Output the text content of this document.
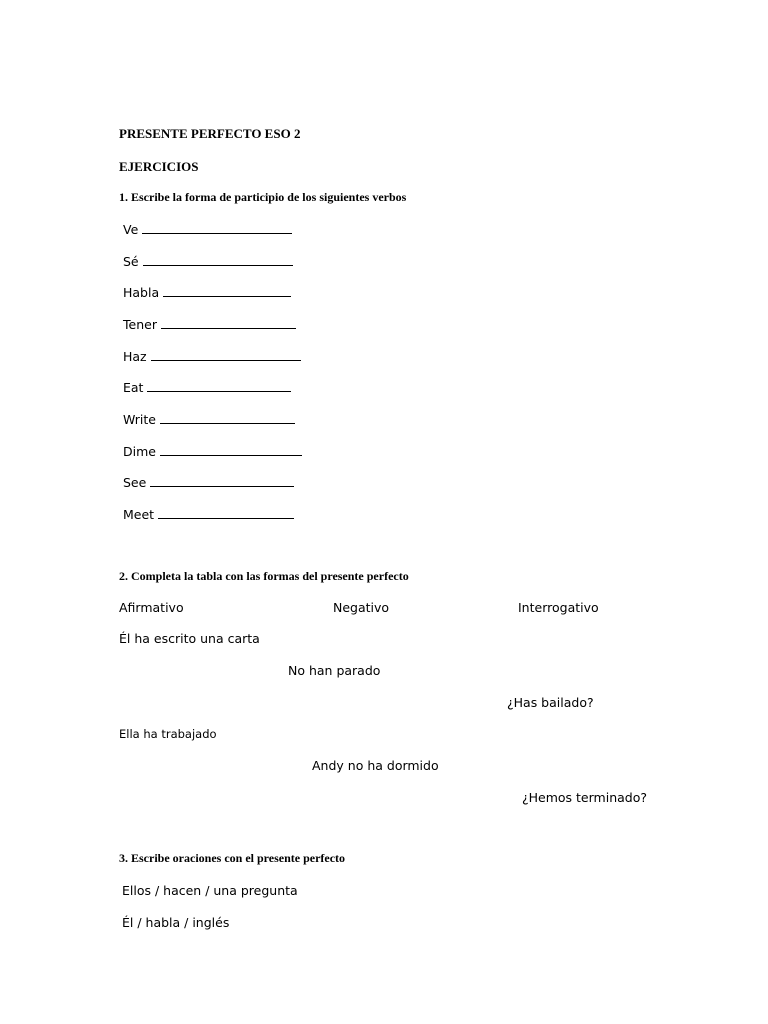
PRESENTE PERFECTO ESO 2
EJERCICIOS
1. Escribe la forma de participio de los siguientes verbos
Ve
Sé
Habla
Tener
Haz
Eat
Write
Dime
See
Meet
2. Completa la tabla con las formas del presente perfecto
Afirmativo	Negativo	Interrogativo
Él ha escrito una carta
No han parado
¿Has bailado?
Ella ha trabajado
Andy no ha dormido
¿Hemos terminado?
3. Escribe oraciones con el presente perfecto
Ellos / hacen / una pregunta
Él / habla / inglés
